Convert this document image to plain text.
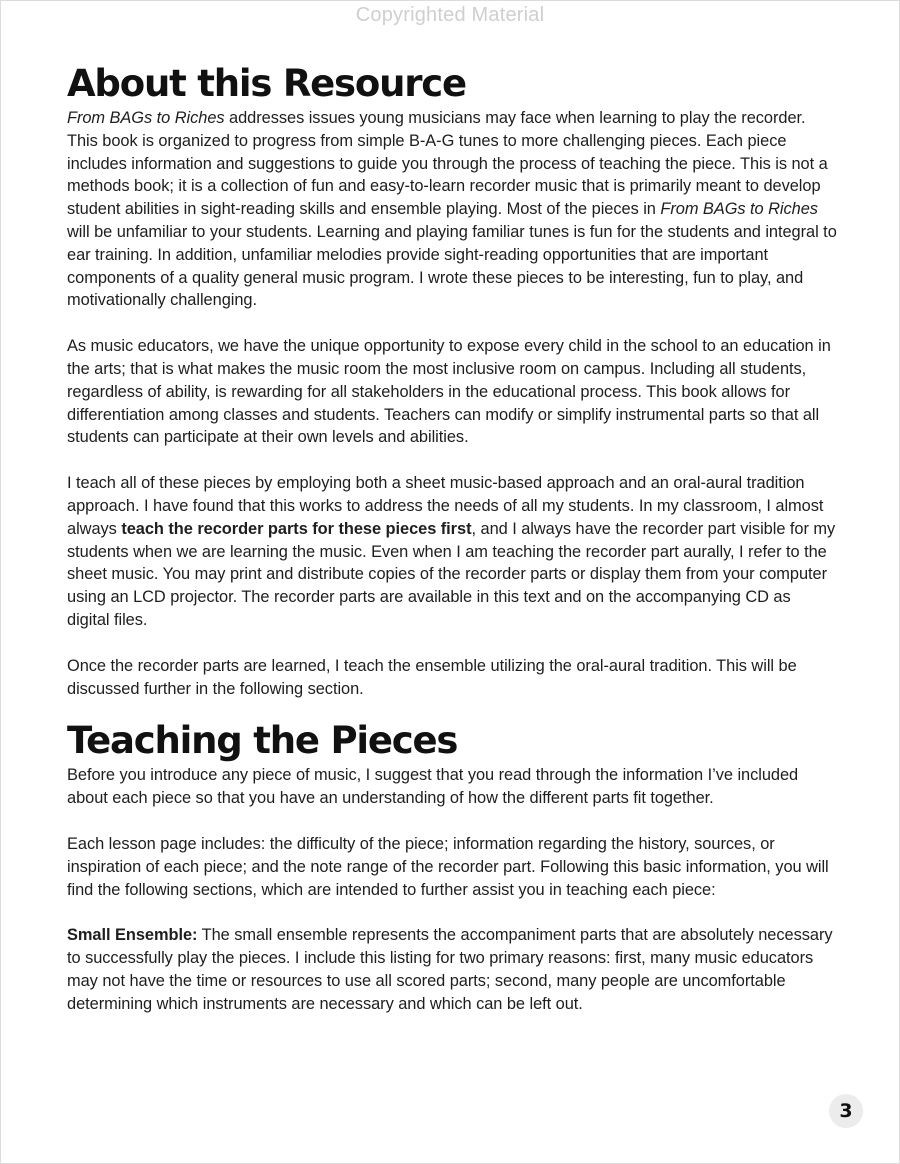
Copyrighted Material
About this Resource

From BAGs to Riches addresses issues young musicians may face when learning to play the recorder. This book is organized to progress from simple B-A-G tunes to more challenging pieces. Each piece includes information and suggestions to guide you through the process of teaching the piece. This is not a methods book; it is a collection of fun and easy-to-learn recorder music that is primarily meant to develop student abilities in sight-reading skills and ensemble playing. Most of the pieces in From BAGs to Riches will be unfamiliar to your students. Learning and playing familiar tunes is fun for the students and integral to ear training. In addition, unfamiliar melodies provide sight-reading opportunities that are important components of a quality general music program. I wrote these pieces to be interesting, fun to play, and motivationally challenging.

As music educators, we have the unique opportunity to expose every child in the school to an education in the arts; that is what makes the music room the most inclusive room on campus. Including all students, regardless of ability, is rewarding for all stakeholders in the educational process. This book allows for differentiation among classes and students. Teachers can modify or simplify instrumental parts so that all students can participate at their own levels and abilities.

I teach all of these pieces by employing both a sheet music-based approach and an oral-aural tradition approach. I have found that this works to address the needs of all my students. In my classroom, I almost always teach the recorder parts for these pieces first, and I always have the recorder part visible for my students when we are learning the music. Even when I am teaching the recorder part aurally, I refer to the sheet music. You may print and distribute copies of the recorder parts or display them from your computer using an LCD projector. The recorder parts are available in this text and on the accompanying CD as digital files.

Once the recorder parts are learned, I teach the ensemble utilizing the oral-aural tradition. This will be discussed further in the following section.

Teaching the Pieces

Before you introduce any piece of music, I suggest that you read through the information I’ve included about each piece so that you have an understanding of how the different parts fit together.

Each lesson page includes: the difficulty of the piece; information regarding the history, sources, or inspiration of each piece; and the note range of the recorder part. Following this basic information, you will find the following sections, which are intended to further assist you in teaching each piece:

Small Ensemble: The small ensemble represents the accompaniment parts that are absolutely necessary to successfully play the pieces. I include this listing for two primary reasons: first, many music educators may not have the time or resources to use all scored parts; second, many people are uncomfortable determining which instruments are necessary and which can be left out.

3
